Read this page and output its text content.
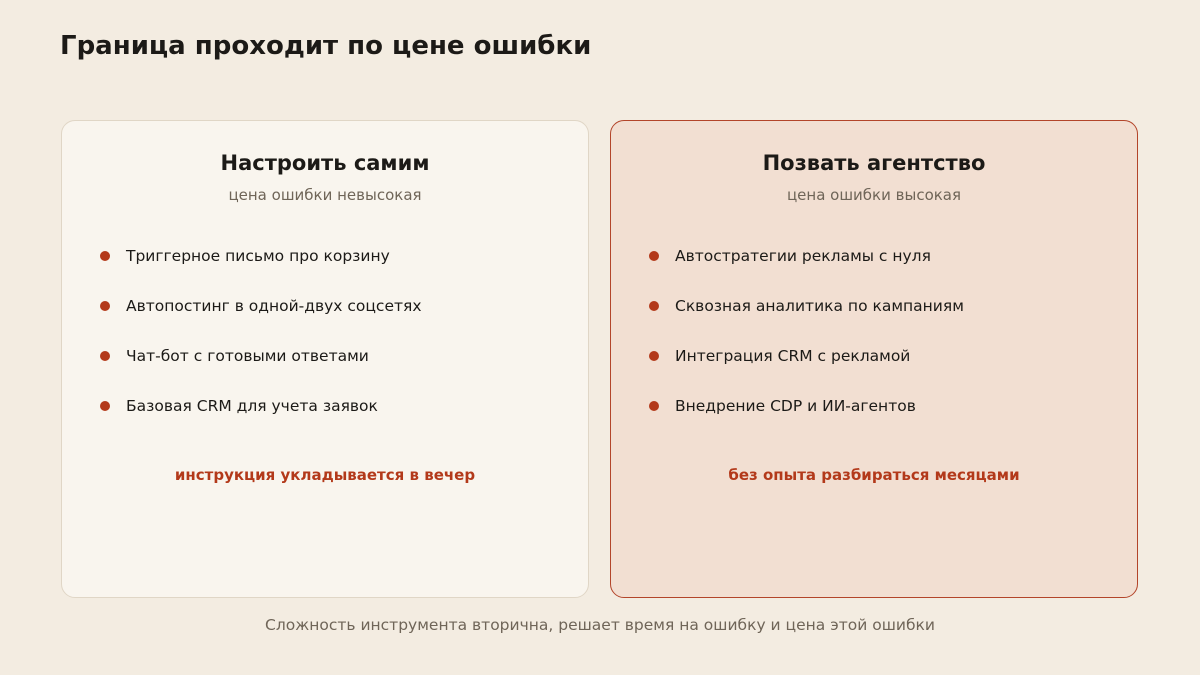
Граница проходит по цене ошибки
Настроить самим
цена ошибки невысокая
Триггерное письмо про корзину
Автопостинг в одной-двух соцсетях
Чат-бот с готовыми ответами
Базовая CRM для учета заявок
инструкция укладывается в вечер
Позвать агентство
цена ошибки высокая
Автостратегии рекламы с нуля
Сквозная аналитика по кампаниям
Интеграция CRM с рекламой
Внедрение CDP и ИИ-агентов
без опыта разбираться месяцами
Сложность инструмента вторична, решает время на ошибку и цена этой ошибки
